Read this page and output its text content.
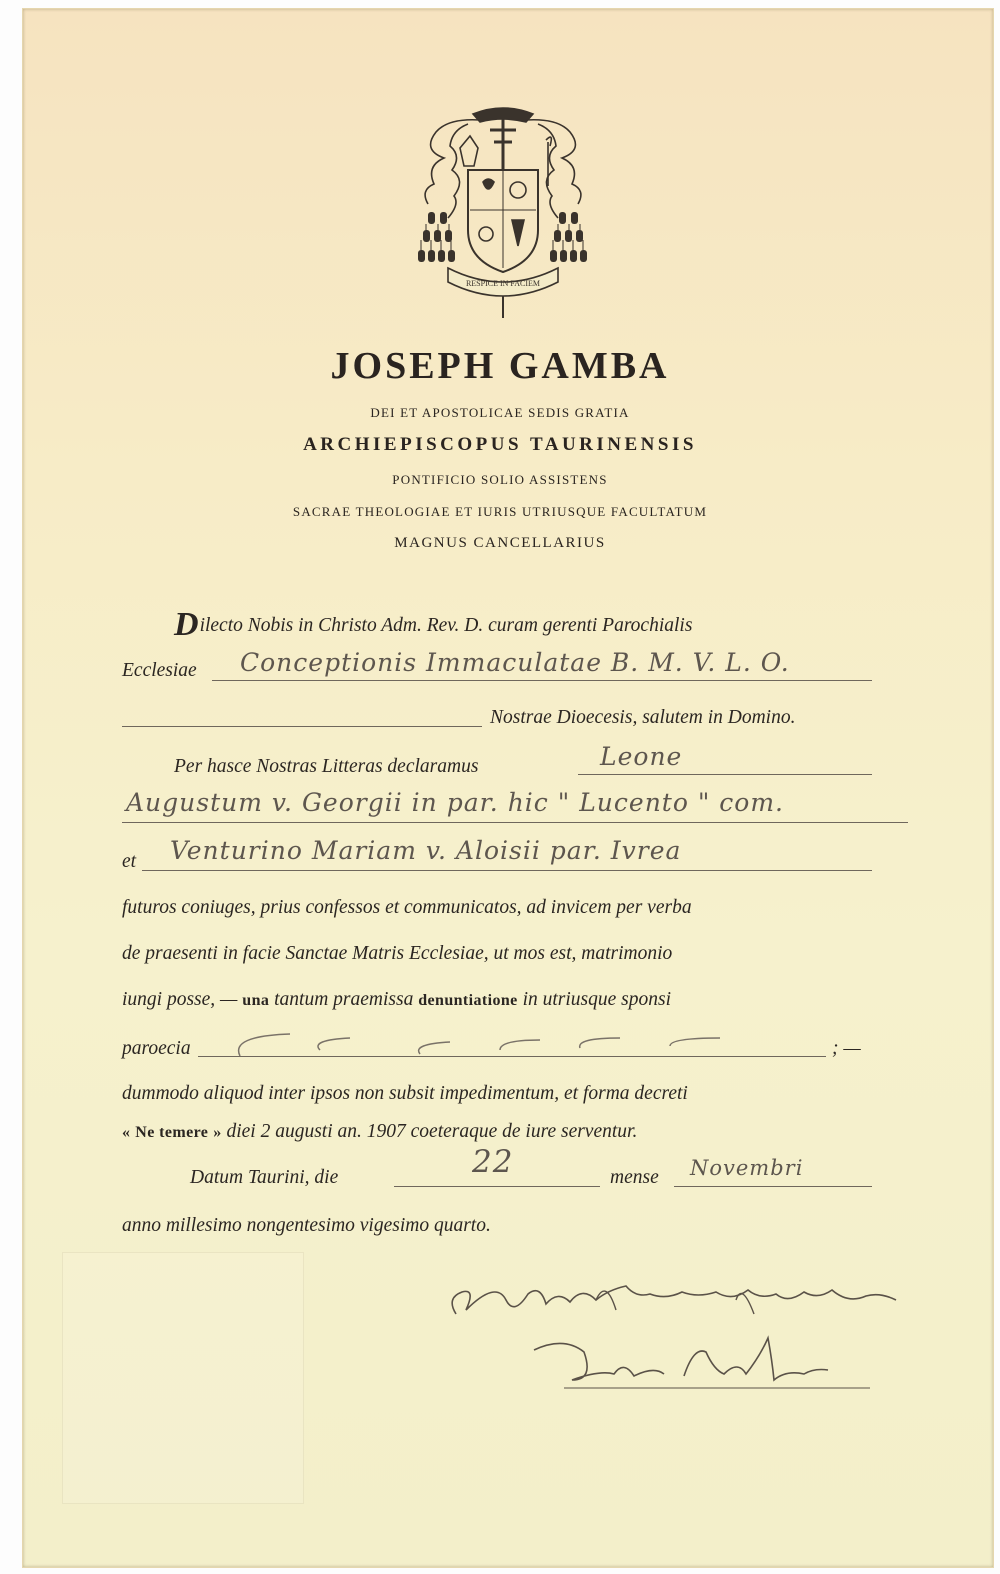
RESPICE IN FACIEM
JOSEPH GAMBA
DEI ET APOSTOLICAE SEDIS GRATIA
ARCHIEPISCOPUS TAURINENSIS
PONTIFICIO SOLIO ASSISTENS
SACRAE THEOLOGIAE ET IURIS UTRIUSQUE FACULTATUM
MAGNUS CANCELLARIUS
Dilecto Nobis in Christo Adm. Rev. D. curam gerenti Parochialis
Ecclesiae Conceptionis Immaculatae B. M. V. L. O.
Nostrae Dioecesis, salutem in Domino.
Per hasce Nostras Litteras declaramus	Leone
Augustum v. Georgii in par. hic " Lucento " com.
et Venturino Mariam v. Aloisii par. Ivrea
futuros coniuges, prius confessos et communicatos, ad invicem per verba
de praesenti in facie Sanctae Matris Ecclesiae, ut mos est, matrimonio
iungi posse, — una tantum praemissa denuntiatione in utriusque sponsi
paroecia	; —
dummodo aliquod inter ipsos non subsit impedimentum, et forma decreti
« Ne temere » diei 2 augusti an. 1907 coeteraque de iure serventur.
Datum Taurini, die	22	mense Novembri
anno millesimo nongentesimo vigesimo quarto.
